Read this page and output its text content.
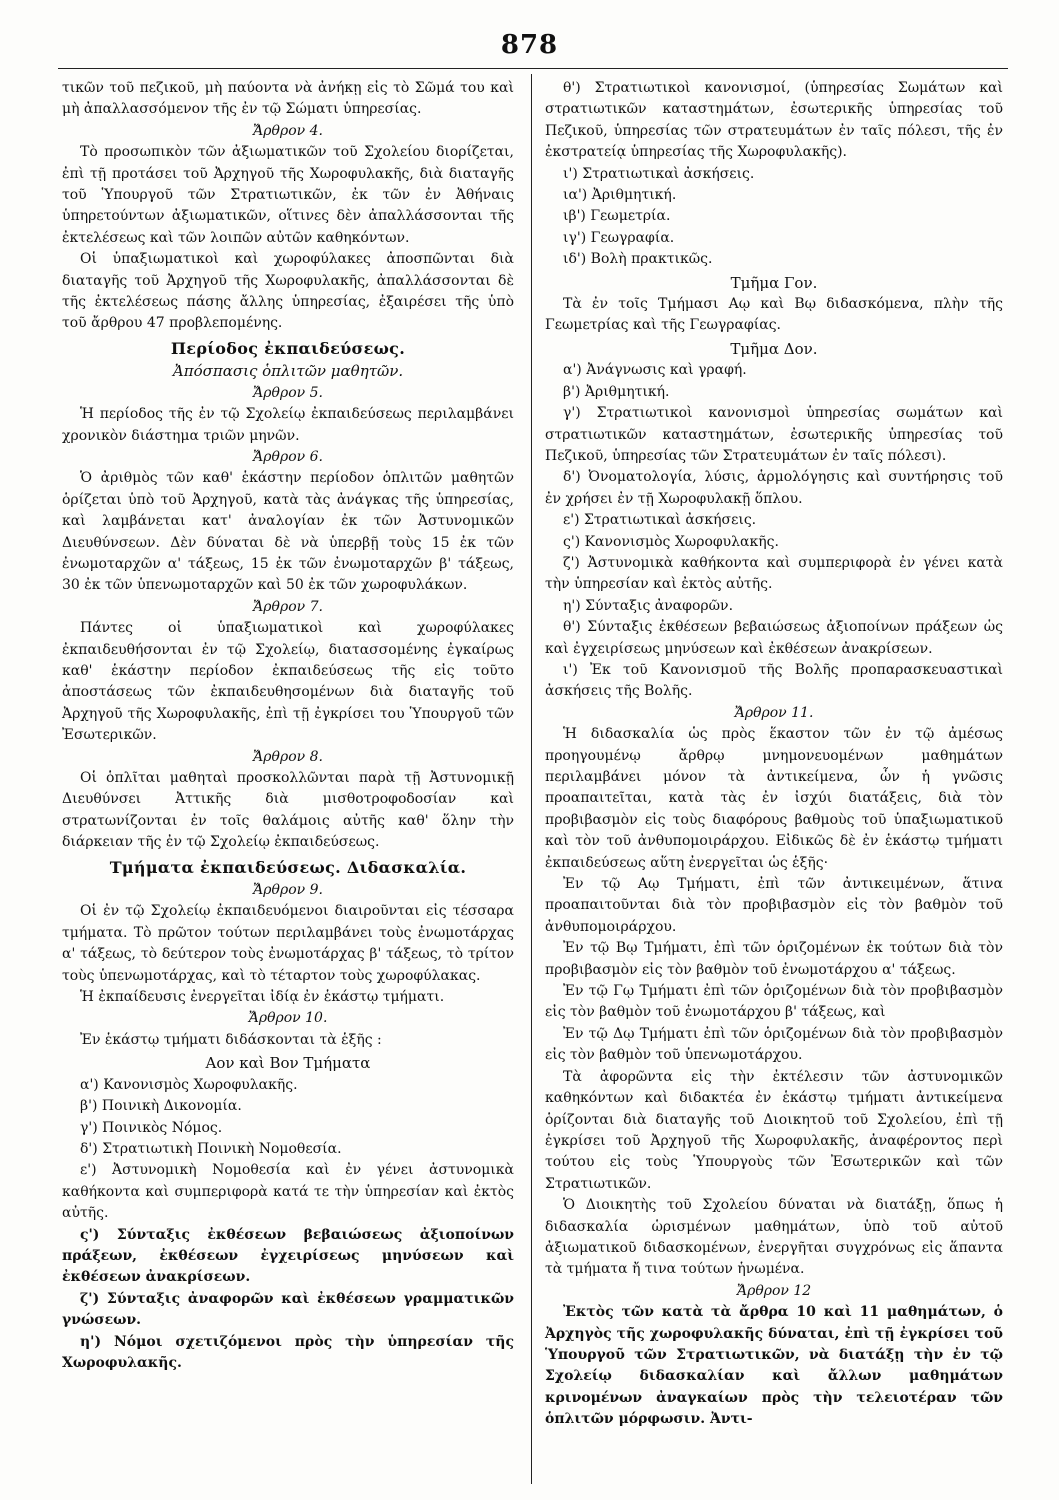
878

τικῶν τοῦ πεζικοῦ, μὴ παύοντα νὰ ἀνήκῃ εἰς τὸ Σῶμά του καὶ μὴ ἀπαλλασσόμενον τῆς ἐν τῷ Σώματι ὑπηρεσίας.

Ἄρθρον 4.

Τὸ προσωπικὸν τῶν ἀξιωματικῶν τοῦ Σχολείου διορίζεται, ἐπὶ τῇ προτάσει τοῦ Ἀρχηγοῦ τῆς Χωροφυλακῆς, διὰ διαταγῆς τοῦ Ὑπουργοῦ τῶν Στρατιωτικῶν, ἐκ τῶν ἐν Ἀθήναις ὑπηρετούντων ἀξιωματικῶν, οἵτινες δὲν ἀπαλλάσσονται τῆς ἐκτελέσεως καὶ τῶν λοιπῶν αὐτῶν καθηκόντων.

Οἱ ὑπαξιωματικοὶ καὶ χωροφύλακες ἀποσπῶνται διὰ διαταγῆς τοῦ Ἀρχηγοῦ τῆς Χωροφυλακῆς, ἀπαλλάσσονται δὲ τῆς ἐκτελέσεως πάσης ἄλλης ὑπηρεσίας, ἐξαιρέσει τῆς ὑπὸ τοῦ ἄρθρου 47 προβλεπομένης.

Περίοδος ἐκπαιδεύσεως.
Ἀπόσπασις ὁπλιτῶν μαθητῶν.
Ἄρθρον 5.

Ἡ περίοδος τῆς ἐν τῷ Σχολείῳ ἐκπαιδεύσεως περιλαμβάνει χρονικὸν διάστημα τριῶν μηνῶν.

Ἄρθρον 6.

Ὁ ἀριθμὸς τῶν καθ' ἑκάστην περίοδον ὁπλιτῶν μαθητῶν ὁρίζεται ὑπὸ τοῦ Ἀρχηγοῦ, κατὰ τὰς ἀνάγκας τῆς ὑπηρεσίας, καὶ λαμβάνεται κατ' ἀναλογίαν ἐκ τῶν Ἀστυνομικῶν Διευθύνσεων. Δὲν δύναται δὲ νὰ ὑπερβῇ τοὺς 15 ἐκ τῶν ἐνωμοταρχῶν α' τάξεως, 15 ἐκ τῶν ἐνωμοταρχῶν β' τάξεως, 30 ἐκ τῶν ὑπενωμοταρχῶν καὶ 50 ἐκ τῶν χωροφυλάκων.

Ἄρθρον 7.

Πάντες οἱ ὑπαξιωματικοὶ καὶ χωροφύλακες ἐκπαιδευθήσονται ἐν τῷ Σχολείῳ, διατασσομένης ἐγκαίρως καθ' ἑκάστην περίοδον ἐκπαιδεύσεως τῆς εἰς τοῦτο ἀποστάσεως τῶν ἐκπαιδευθησομένων διὰ διαταγῆς τοῦ Ἀρχηγοῦ τῆς Χωροφυλακῆς, ἐπὶ τῇ ἐγκρίσει του Ὑπουργοῦ τῶν Ἐσωτερικῶν.

Ἄρθρον 8.

Οἱ ὁπλῖται μαθηταὶ προσκολλῶνται παρὰ τῇ Ἀστυνομικῇ Διευθύνσει Ἀττικῆς διὰ μισθοτροφοδοσίαν καὶ στρατωνίζονται ἐν τοῖς θαλάμοις αὐτῆς καθ' ὅλην τὴν διάρκειαν τῆς ἐν τῷ Σχολείῳ ἐκπαιδεύσεως.

Τμήματα ἐκπαιδεύσεως. Διδασκαλία.
Ἄρθρον 9.

Οἱ ἐν τῷ Σχολείῳ ἐκπαιδευόμενοι διαιροῦνται εἰς τέσσαρα τμήματα. Τὸ πρῶτον τούτων περιλαμβάνει τοὺς ἐνωμοτάρχας α' τάξεως, τὸ δεύτερον τοὺς ἐνωμοτάρχας β' τάξεως, τὸ τρίτον τοὺς ὑπενωμοτάρχας, καὶ τὸ τέταρτον τοὺς χωροφύλακας.

Ἡ ἐκπαίδευσις ἐνεργεῖται ἰδίᾳ ἐν ἑκάστῳ τμήματι.

Ἄρθρον 10.

Ἐν ἑκάστῳ τμήματι διδάσκονται τὰ ἑξῆς :

Αον καὶ Βον Τμήματα
α') Κανονισμὸς Χωροφυλακῆς.
β') Ποινικὴ Δικονομία.
γ') Ποινικὸς Νόμος.
δ') Στρατιωτικὴ Ποινικὴ Νομοθεσία.
ε') Ἀστυνομικὴ Νομοθεσία καὶ ἐν γένει ἀστυνομικὰ καθήκοντα καὶ συμπεριφορὰ κατά τε τὴν ὑπηρεσίαν καὶ ἐκτὸς αὐτῆς.
ς') Σύνταξις ἐκθέσεων βεβαιώσεως ἀξιοποίνων πράξεων, ἐκθέσεων ἐγχειρίσεως μηνύσεων καὶ ἐκθέσεων ἀνακρίσεων.
ζ') Σύνταξις ἀναφορῶν καὶ ἐκθέσεων γραμματικῶν γνώσεων.
η') Νόμοι σχετιζόμενοι πρὸς τὴν ὑπηρεσίαν τῆς Χωροφυλακῆς.
θ') Στρατιωτικοὶ κανονισμοί, (ὑπηρεσίας Σωμάτων καὶ στρατιωτικῶν καταστημάτων, ἐσωτερικῆς ὑπηρεσίας τοῦ Πεζικοῦ, ὑπηρεσίας τῶν στρατευμάτων ἐν ταῖς πόλεσι, τῆς ἐν ἐκστρατείᾳ ὑπηρεσίας τῆς Χωροφυλακῆς).
ι') Στρατιωτικαὶ ἀσκήσεις.
ια') Ἀριθμητική.
ιβ') Γεωμετρία.
ιγ') Γεωγραφία.
ιδ') Βολὴ πρακτικῶς.
Τμῆμα Γον.

Τὰ ἐν τοῖς Τμήμασι Αῳ καὶ Βῳ διδασκόμενα, πλὴν τῆς Γεωμετρίας καὶ τῆς Γεωγραφίας.

Τμῆμα Δον.
α') Ἀνάγνωσις καὶ γραφή.
β') Ἀριθμητική.
γ') Στρατιωτικοὶ κανονισμοὶ ὑπηρεσίας σωμάτων καὶ στρατιωτικῶν καταστημάτων, ἐσωτερικῆς ὑπηρεσίας τοῦ Πεζικοῦ, ὑπηρεσίας τῶν Στρατευμάτων ἐν ταῖς πόλεσι).
δ') Ὀνοματολογία, λύσις, ἁρμολόγησις καὶ συντήρησις τοῦ ἐν χρήσει ἐν τῇ Χωροφυλακῇ ὅπλου.
ε') Στρατιωτικαὶ ἀσκήσεις.
ς') Κανονισμὸς Χωροφυλακῆς.
ζ') Ἀστυνομικὰ καθήκοντα καὶ συμπεριφορὰ ἐν γένει κατὰ τὴν ὑπηρεσίαν καὶ ἐκτὸς αὐτῆς.
η') Σύνταξις ἀναφορῶν.
θ') Σύνταξις ἐκθέσεων βεβαιώσεως ἀξιοποίνων πράξεων ὡς καὶ ἐγχειρίσεως μηνύσεων καὶ ἐκθέσεων ἀνακρίσεων.
ι') Ἐκ τοῦ Κανονισμοῦ τῆς Βολῆς προπαρασκευαστικαὶ ἀσκήσεις τῆς Βολῆς.
Ἄρθρον 11.

Ἡ διδασκαλία ὡς πρὸς ἕκαστον τῶν ἐν τῷ ἀμέσως προηγουμένῳ ἄρθρῳ μνημονευομένων μαθημάτων περιλαμβάνει μόνον τὰ ἀντικείμενα, ὧν ἡ γνῶσις προαπαιτεῖται, κατὰ τὰς ἐν ἰσχύι διατάξεις, διὰ τὸν προβιβασμὸν εἰς τοὺς διαφόρους βαθμοὺς τοῦ ὑπαξιωματικοῦ καὶ τὸν τοῦ ἀνθυπομοιράρχου. Εἰδικῶς δὲ ἐν ἑκάστῳ τμήματι ἐκπαιδεύσεως αὕτη ἐνεργεῖται ὡς ἑξῆς·

Ἐν τῷ Αῳ Τμήματι, ἐπὶ τῶν ἀντικειμένων, ἅτινα προαπαιτοῦνται διὰ τὸν προβιβασμὸν εἰς τὸν βαθμὸν τοῦ ἀνθυπομοιράρχου.

Ἐν τῷ Βῳ Τμήματι, ἐπὶ τῶν ὁριζομένων ἐκ τούτων διὰ τὸν προβιβασμὸν εἰς τὸν βαθμὸν τοῦ ἐνωμοτάρχου α' τάξεως.

Ἐν τῷ Γῳ Τμήματι ἐπὶ τῶν ὁριζομένων διὰ τὸν προβιβασμὸν εἰς τὸν βαθμὸν τοῦ ἐνωμοτάρχου β' τάξεως, καὶ

Ἐν τῷ Δῳ Τμήματι ἐπὶ τῶν ὁριζομένων διὰ τὸν προβιβασμὸν εἰς τὸν βαθμὸν τοῦ ὑπενωμοτάρχου.

Τὰ ἀφορῶντα εἰς τὴν ἐκτέλεσιν τῶν ἀστυνομικῶν καθηκόντων καὶ διδακτέα ἐν ἑκάστῳ τμήματι ἀντικείμενα ὁρίζονται διὰ διαταγῆς τοῦ Διοικητοῦ τοῦ Σχολείου, ἐπὶ τῇ ἐγκρίσει τοῦ Ἀρχηγοῦ τῆς Χωροφυλακῆς, ἀναφέροντος περὶ τούτου εἰς τοὺς Ὑπουργοὺς τῶν Ἐσωτερικῶν καὶ τῶν Στρατιωτικῶν.

Ὁ Διοικητὴς τοῦ Σχολείου δύναται νὰ διατάξῃ, ὅπως ἡ διδασκαλία ὡρισμένων μαθημάτων, ὑπὸ τοῦ αὐτοῦ ἀξιωματικοῦ διδασκομένων, ἐνεργῆται συγχρόνως εἰς ἅπαντα τὰ τμήματα ἤ τινα τούτων ἡνωμένα.

Ἄρθρον 12

Ἐκτὸς τῶν κατὰ τὰ ἄρθρα 10 καὶ 11 μαθημάτων, ὁ Ἀρχηγὸς τῆς χωροφυλακῆς δύναται, ἐπὶ τῇ ἐγκρίσει τοῦ Ὑπουργοῦ τῶν Στρατιωτικῶν, νὰ διατάξῃ τὴν ἐν τῷ Σχολείῳ διδασκαλίαν καὶ ἄλλων μαθημάτων κρινομένων ἀναγκαίων πρὸς τὴν τελειοτέραν τῶν ὁπλιτῶν μόρφωσιν. Ἀντι-
